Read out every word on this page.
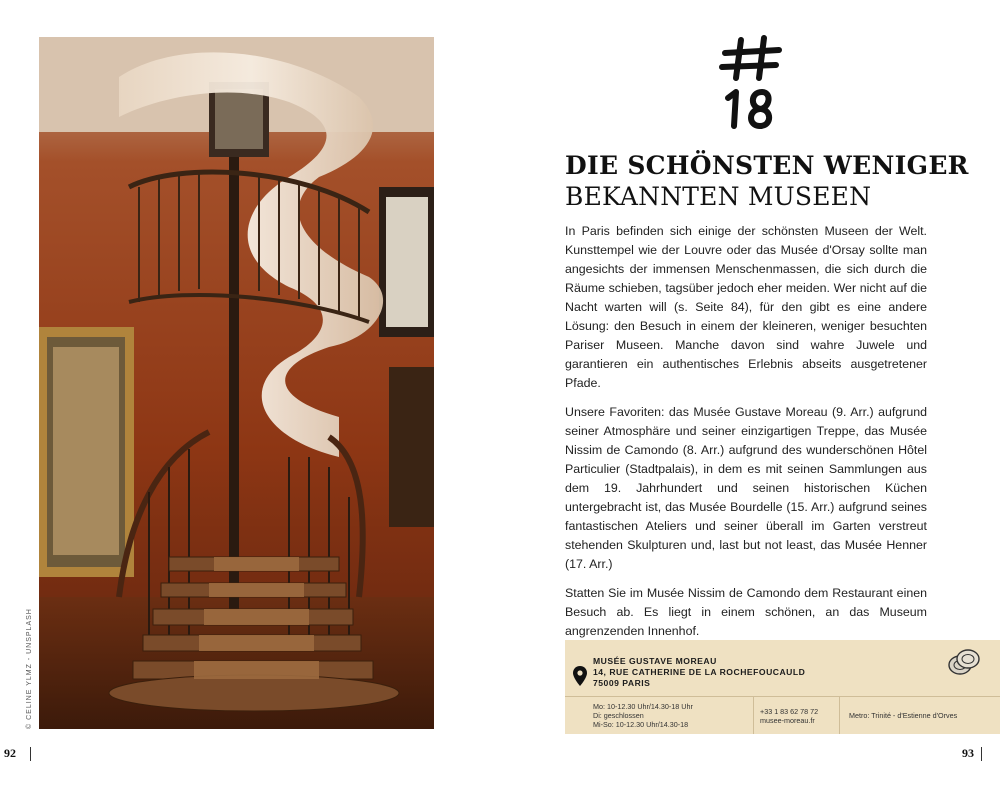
© CELINE YLMZ - UNSPLASH
92
DIE SCHÖNSTEN WENIGER
BEKANNTEN MUSEEN

In Paris befinden sich einige der schönsten Museen der Welt. Kunsttempel wie der Louvre oder das Musée d'Orsay sollte man angesichts der immensen Menschenmassen, die sich durch die Räume schieben, tagsüber jedoch eher meiden. Wer nicht auf die Nacht warten will (s. Seite 84), für den gibt es eine andere Lösung: den Besuch in einem der kleineren, weniger besuchten Pariser Museen. Manche davon sind wahre Juwele und garantieren ein authentisches Erlebnis abseits ausgetretener Pfade.

Unsere Favoriten: das Musée Gustave Moreau (9. Arr.) aufgrund seiner Atmosphäre und seiner einzigartigen Treppe, das Musée Nissim de Camondo (8. Arr.) aufgrund des wunderschönen Hôtel Particulier (Stadtpalais), in dem es mit seinen Sammlungen aus dem 19. Jahrhundert und seinen historischen Küchen untergebracht ist, das Musée Bourdelle (15. Arr.) aufgrund seines fantastischen Ateliers und seiner überall im Garten verstreut stehenden Skulpturen und, last but not least, das Musée Henner (17. Arr.)

Statten Sie im Musée Nissim de Camondo dem Restaurant einen Besuch ab. Es liegt in einem schönen, an das Museum angrenzenden Innenhof.

MUSÉE GUSTAVE MOREAU
14, RUE CATHERINE DE LA ROCHEFOUCAULD
75009 PARIS
Mo: 10-12.30 Uhr/14.30-18 Uhr
Di: geschlossen
Mi-So: 10-12.30 Uhr/14.30-18
+33 1 83 62 78 72
musee-moreau.fr	Metro: Trinité - d'Estienne d'Orves
93
